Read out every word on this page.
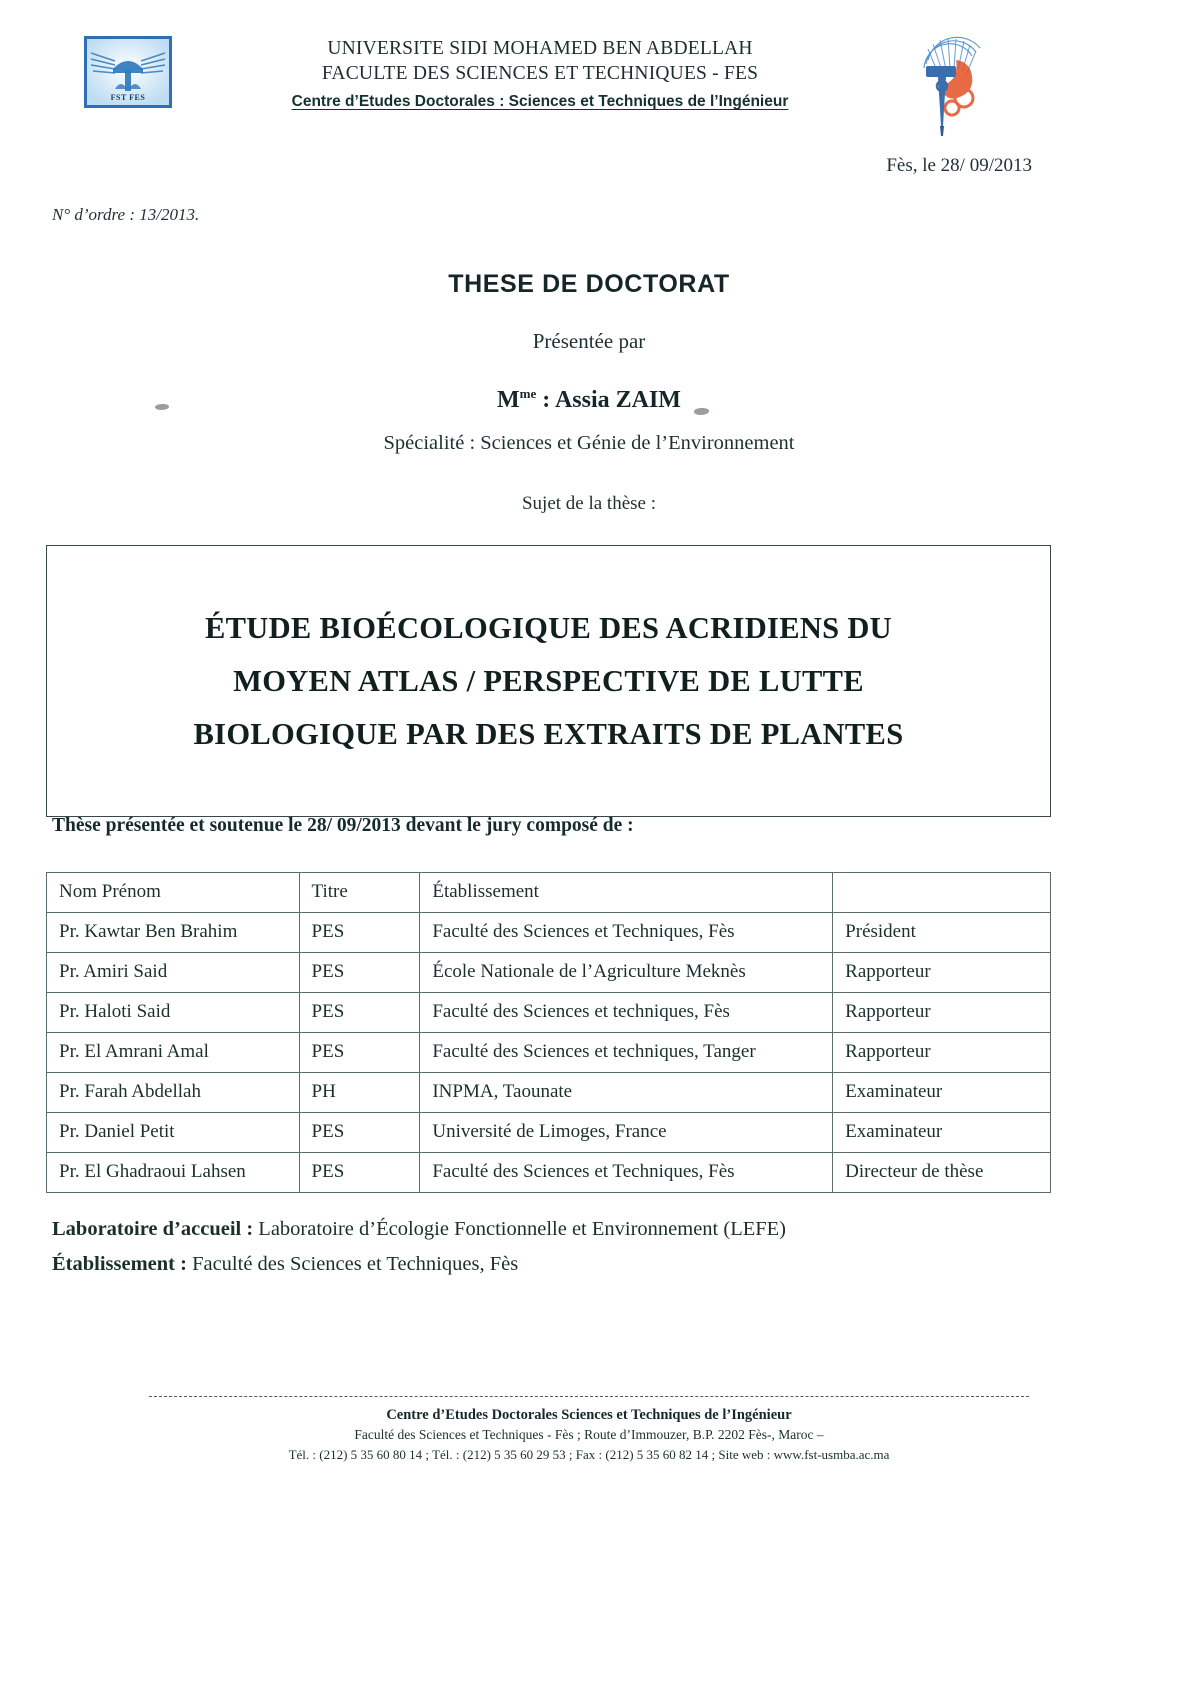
FST FES
UNIVERSITE SIDI MOHAMED BEN ABDELLAH
FACULTE DES SCIENCES ET TECHNIQUES - FES
Centre d’Etudes Doctorales : Sciences et Techniques de l’Ingénieur
Fès, le 28/ 09/2013
N° d’ordre : 13/2013.
THESE DE DOCTORAT
Présentée par
$M^{me}$ : Assia ZAIM
Spécialité : Sciences et Génie de l’Environnement
Sujet de la thèse :
ÉTUDE BIOÉCOLOGIQUE DES ACRIDIENS DU
MOYEN ATLAS / PERSPECTIVE DE LUTTE
BIOLOGIQUE PAR DES EXTRAITS DE PLANTES
Thèse présentée et soutenue le 28/ 09/2013 devant le jury composé de :
Nom Prénom	Titre	Établissement	
Pr. Kawtar Ben Brahim	PES	Faculté des Sciences et Techniques, Fès	Président
Pr. Amiri Said	PES	École Nationale de l’Agriculture Meknès	Rapporteur
Pr. Haloti Said	PES	Faculté des Sciences et techniques, Fès	Rapporteur
Pr. El Amrani Amal	PES	Faculté des Sciences et techniques, Tanger	Rapporteur
Pr. Farah Abdellah	PH	INPMA, Taounate	Examinateur
Pr. Daniel Petit	PES	Université de Limoges, France	Examinateur
Pr. El Ghadraoui Lahsen	PES	Faculté des Sciences et Techniques, Fès	Directeur de thèse
Laboratoire d’accueil : Laboratoire d’Écologie Fonctionnelle et Environnement (LEFE)
Établissement : Faculté des Sciences et Techniques, Fès
Centre d’Etudes Doctorales Sciences et Techniques de l’Ingénieur
Faculté des Sciences et Techniques - Fès ; Route d’Immouzer, B.P. 2202 Fès-, Maroc –
Tél. : (212) 5 35 60 80 14 ; Tél. : (212) 5 35 60 29 53 ; Fax : (212) 5 35 60 82 14 ; Site web : www.fst-usmba.ac.ma
